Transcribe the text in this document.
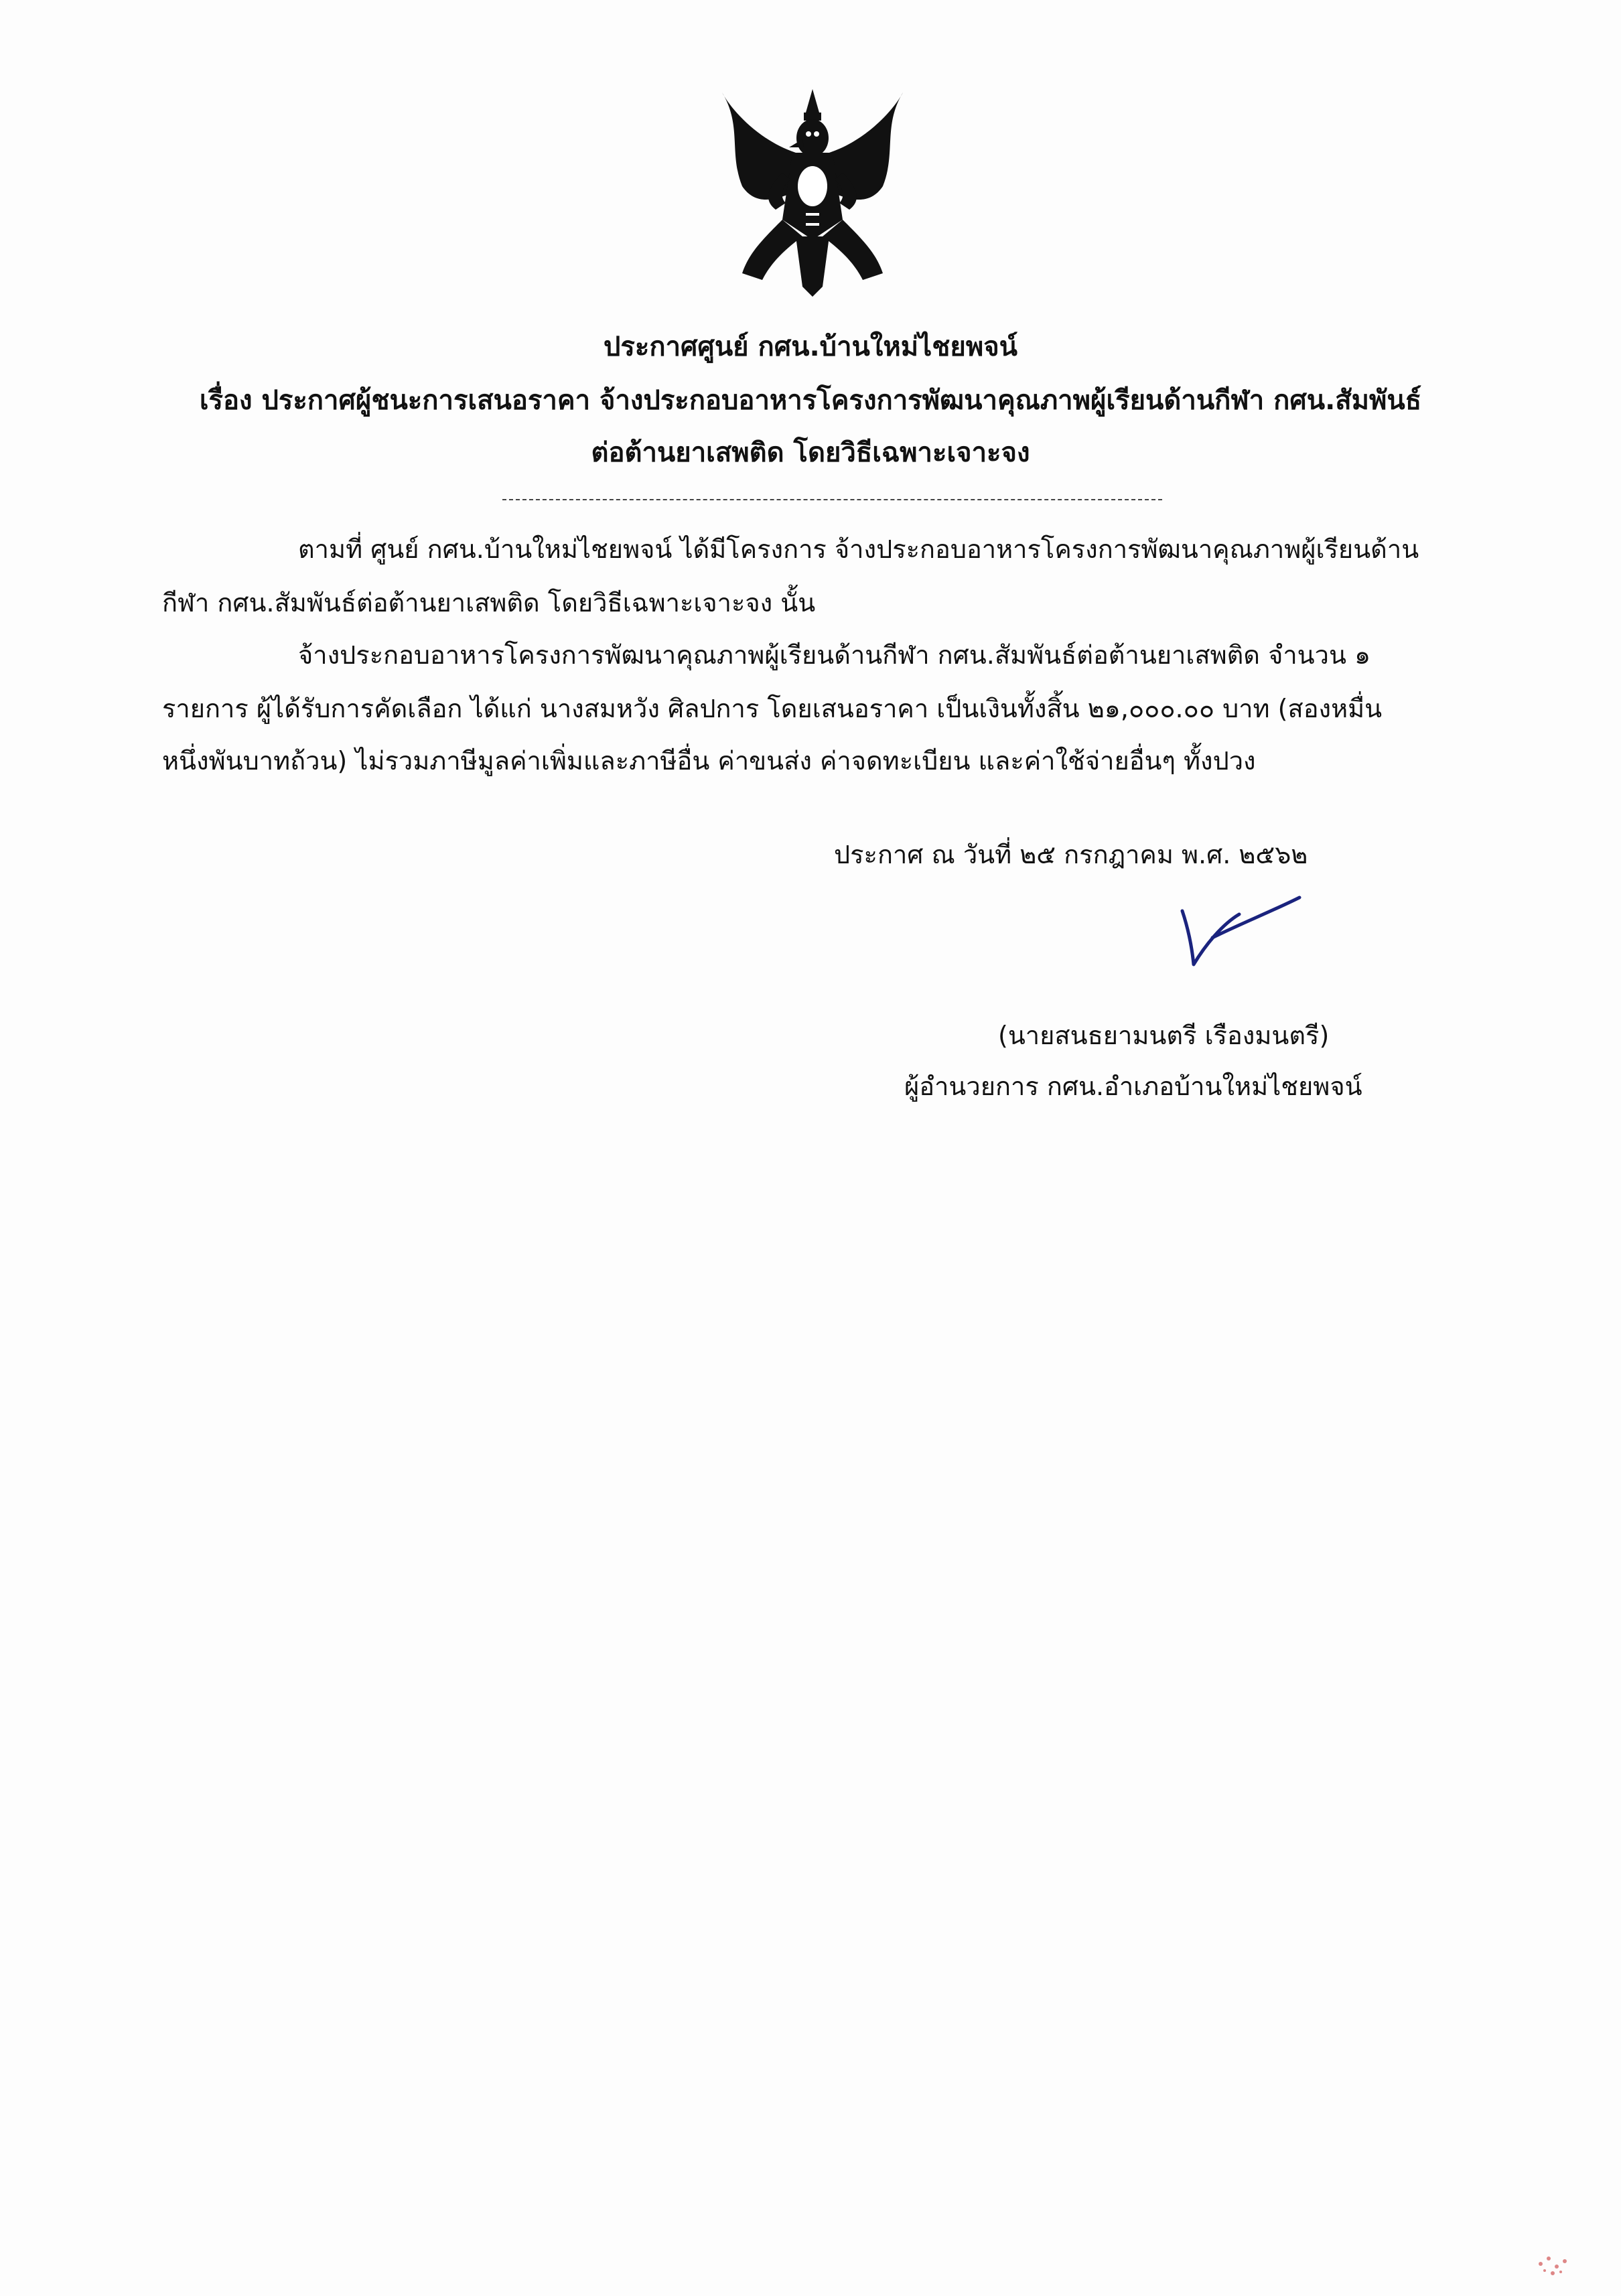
ประกาศศูนย์ กศน.บ้านใหม่ไชยพจน์
เรื่อง ประกาศผู้ชนะการเสนอราคา จ้างประกอบอาหารโครงการพัฒนาคุณภาพผู้เรียนด้านกีฬา กศน.สัมพันธ์
ต่อต้านยาเสพติด โดยวิธีเฉพาะเจาะจง
ตามที่ ศูนย์ กศน.บ้านใหม่ไชยพจน์ ได้มีโครงการ จ้างประกอบอาหารโครงการพัฒนาคุณภาพผู้เรียนด้าน
กีฬา กศน.สัมพันธ์ต่อต้านยาเสพติด โดยวิธีเฉพาะเจาะจง นั้น
จ้างประกอบอาหารโครงการพัฒนาคุณภาพผู้เรียนด้านกีฬา กศน.สัมพันธ์ต่อต้านยาเสพติด จำนวน ๑
รายการ ผู้ได้รับการคัดเลือก ได้แก่ นางสมหวัง ศิลปการ โดยเสนอราคา เป็นเงินทั้งสิ้น ๒๑,๐๐๐.๐๐ บาท (สองหมื่น
หนึ่งพันบาทถ้วน) ไม่รวมภาษีมูลค่าเพิ่มและภาษีอื่น ค่าขนส่ง ค่าจดทะเบียน และค่าใช้จ่ายอื่นๆ ทั้งปวง
ประกาศ ณ วันที่ ๒๕ กรกฎาคม พ.ศ. ๒๕๖๒
(นายสนธยามนตรี เรืองมนตรี)
ผู้อำนวยการ กศน.อำเภอบ้านใหม่ไชยพจน์
